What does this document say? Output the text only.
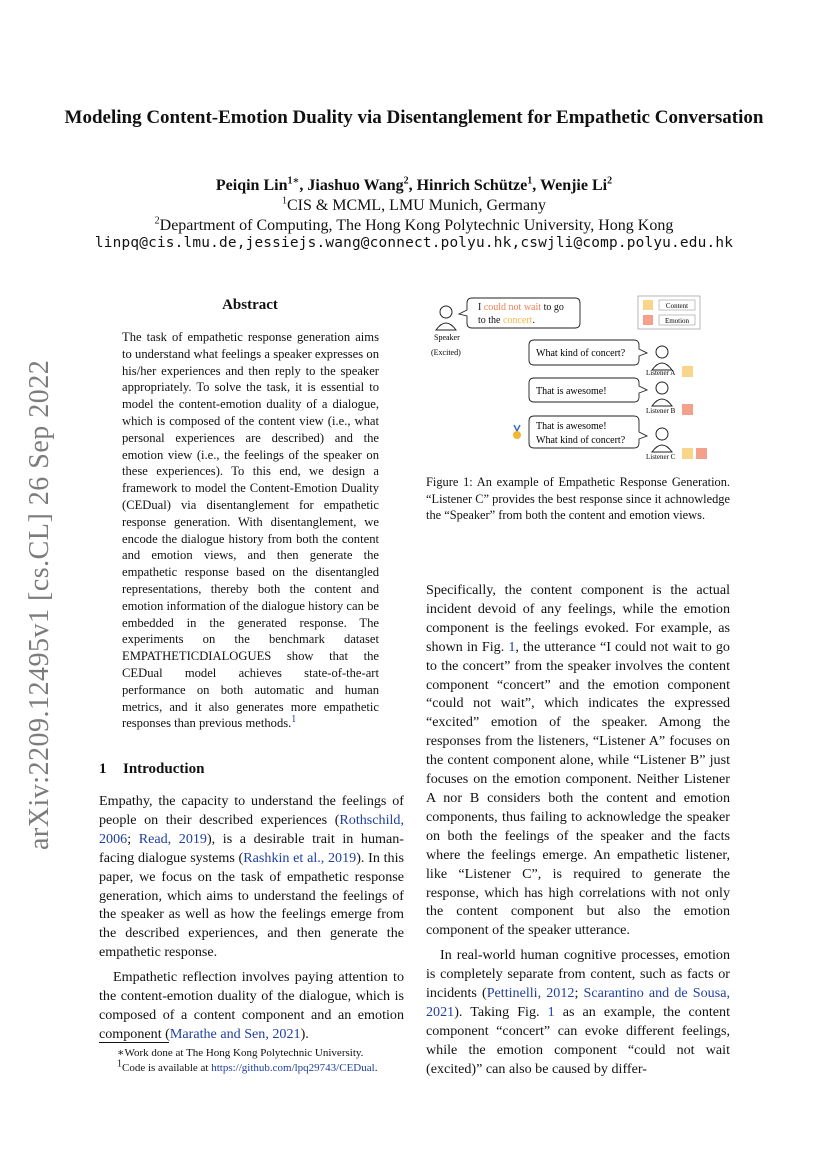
Modeling Content-Emotion Duality via Disentanglement for Empathetic Conversation
Peiqin Lin$^{1∗}$, Jiashuo Wang$^2$, Hinrich Schütze$^1$, Wenjie Li$^2$
$^1$CIS & MCML, LMU Munich, Germany
$^2$Department of Computing, The Hong Kong Polytechnic University, Hong Kong
linpq@cis.lmu.de,jessiejs.wang@connect.polyu.hk,cswjli@comp.polyu.edu.hk
arXiv:2209.12495v1 [cs.CL] 26 Sep 2022
Abstract
The task of empathetic response generation aims to understand what feelings a speaker expresses on his/her experiences and then reply to the speaker appropriately. To solve the task, it is essential to model the content-emotion duality of a dialogue, which is composed of the content view (i.e., what personal experiences are described) and the emotion view (i.e., the feelings of the speaker on these experiences). To this end, we design a framework to model the Content-Emotion Duality (CEDual) via disentanglement for empathetic response generation. With disentanglement, we encode the dialogue history from both the content and emotion views, and then generate the empathetic response based on the disentangled representations, thereby both the content and emotion information of the dialogue history can be embedded in the generated response. The experiments on the benchmark dataset EMPATHETICDIALOGUES show that the CEDual model achieves state-of-the-art performance on both automatic and human metrics, and it also generates more empathetic responses than previous methods.$^1$
1 Introduction

Empathy, the capacity to understand the feelings of people on their described experiences (Rothschild, 2006; Read, 2019), is a desirable trait in human-facing dialogue systems (Rashkin et al., 2019). In this paper, we focus on the task of empathetic response generation, which aims to understand the feelings of the speaker as well as how the feelings emerge from the described experiences, and then generate the empathetic response.

Empathetic reflection involves paying attention to the content-emotion duality of the dialogue, which is composed of a content component and an emotion component (Marathe and Sen, 2021).

∗Work done at The Hong Kong Polytechnic University.
$^1$Code is available at https://github.com/lpq29743/CEDual.
Speaker
(Excited)
I could not wait to go
to the concert.
Content
Emotion
What kind of concert?
Listener A
That is awesome!
Listener B
That is awesome!
What kind of concert?
Listener C
Figure 1: An example of Empathetic Response Generation. “Listener C” provides the best response since it achnowledge the “Speaker” from both the content and emotion views.

Specifically, the content component is the actual incident devoid of any feelings, while the emotion component is the feelings evoked. For example, as shown in Fig. 1, the utterance “I could not wait to go to the concert” from the speaker involves the content component “concert” and the emotion component “could not wait”, which indicates the expressed “excited” emotion of the speaker. Among the responses from the listeners, “Listener A” focuses on the content component alone, while “Listener B” just focuses on the emotion component. Neither Listener A nor B considers both the content and emotion components, thus failing to acknowledge the speaker on both the feelings of the speaker and the facts where the feelings emerge. An empathetic listener, like “Listener C”, is required to generate the response, which has high correlations with not only the content component but also the emotion component of the speaker utterance.

In real-world human cognitive processes, emotion is completely separate from content, such as facts or incidents (Pettinelli, 2012; Scarantino and de Sousa, 2021). Taking Fig. 1 as an example, the content component “concert” can evoke different feelings, while the emotion component “could not wait (excited)” can also be caused by differ-
